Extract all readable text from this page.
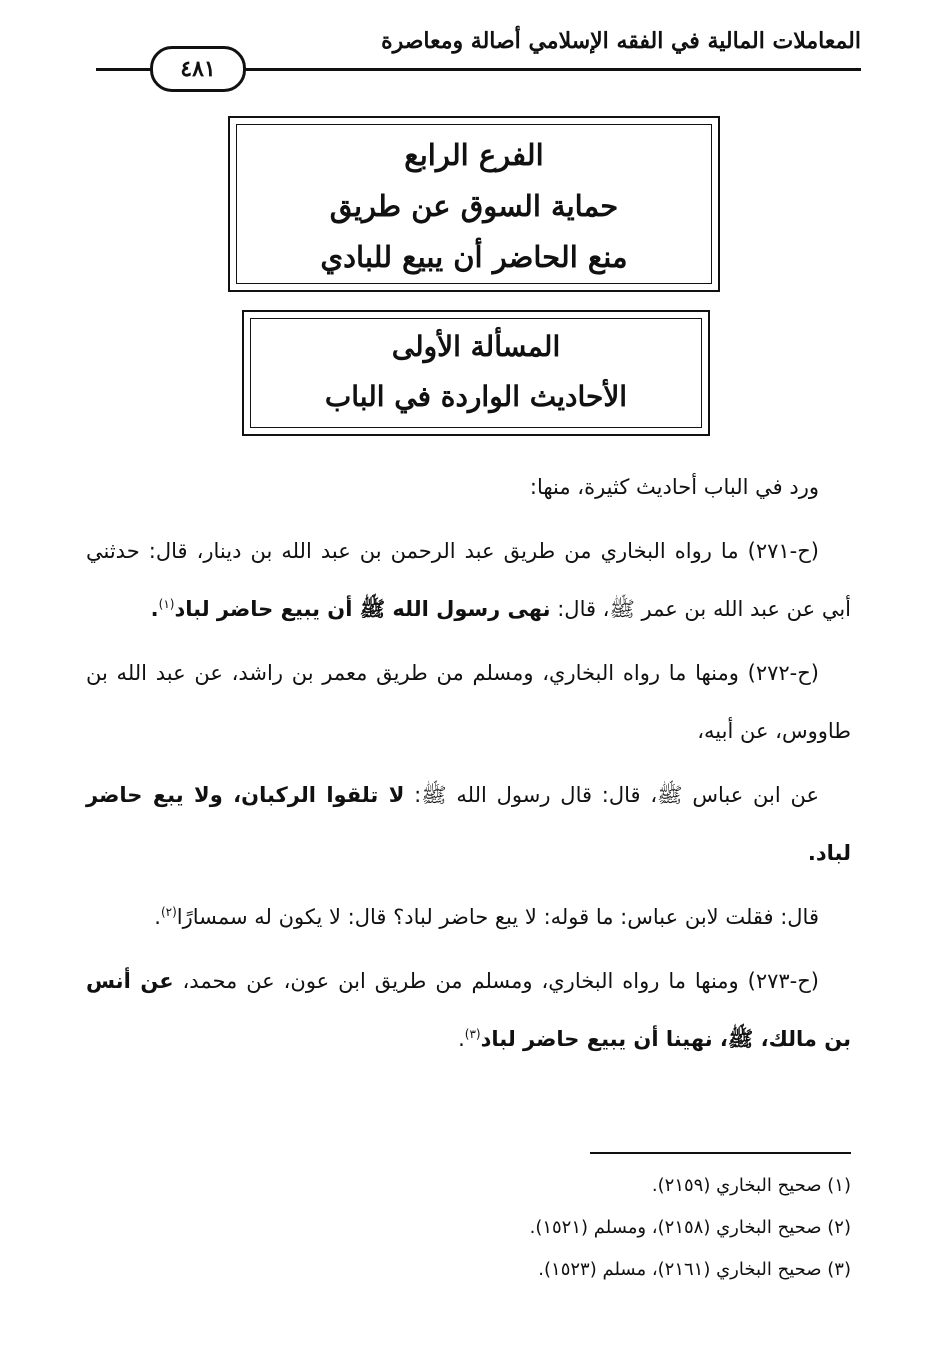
المعاملات المالية في الفقه الإسلامي أصالة ومعاصرة
٤٨١
الفرع الرابع
حماية السوق عن طريق
منع الحاضر أن يبيع للبادي
المسألة الأولى
الأحاديث الواردة في الباب

ورد في الباب أحاديث كثيرة، منها:

(ح-٢٧١) ما رواه البخاري من طريق عبد الرحمن بن عبد الله بن دينار، قال: حدثني أبي عن عبد الله بن عمر ﷺ، قال: نهى رسول الله ﷺ أن يبيع حاضر لباد$^{(١)}$.

(ح-٢٧٢) ومنها ما رواه البخاري، ومسلم من طريق معمر بن راشد، عن عبد الله بن طاووس، عن أبيه،

عن ابن عباس ﷺ، قال: قال رسول الله ﷺ: لا تلقوا الركبان، ولا يبع حاضر لباد.

قال: فقلت لابن عباس: ما قوله: لا يبع حاضر لباد؟ قال: لا يكون له سمسارًا$^{(٢)}$.

(ح-٢٧٣) ومنها ما رواه البخاري، ومسلم من طريق ابن عون، عن محمد، عن أنس بن مالك، ﷺ، نهينا أن يبيع حاضر لباد$^{(٣)}$.

(١) صحيح البخاري (٢١٥٩).
(٢) صحيح البخاري (٢١٥٨)، ومسلم (١٥٢١).
(٣) صحيح البخاري (٢١٦١)، مسلم (١٥٢٣).
